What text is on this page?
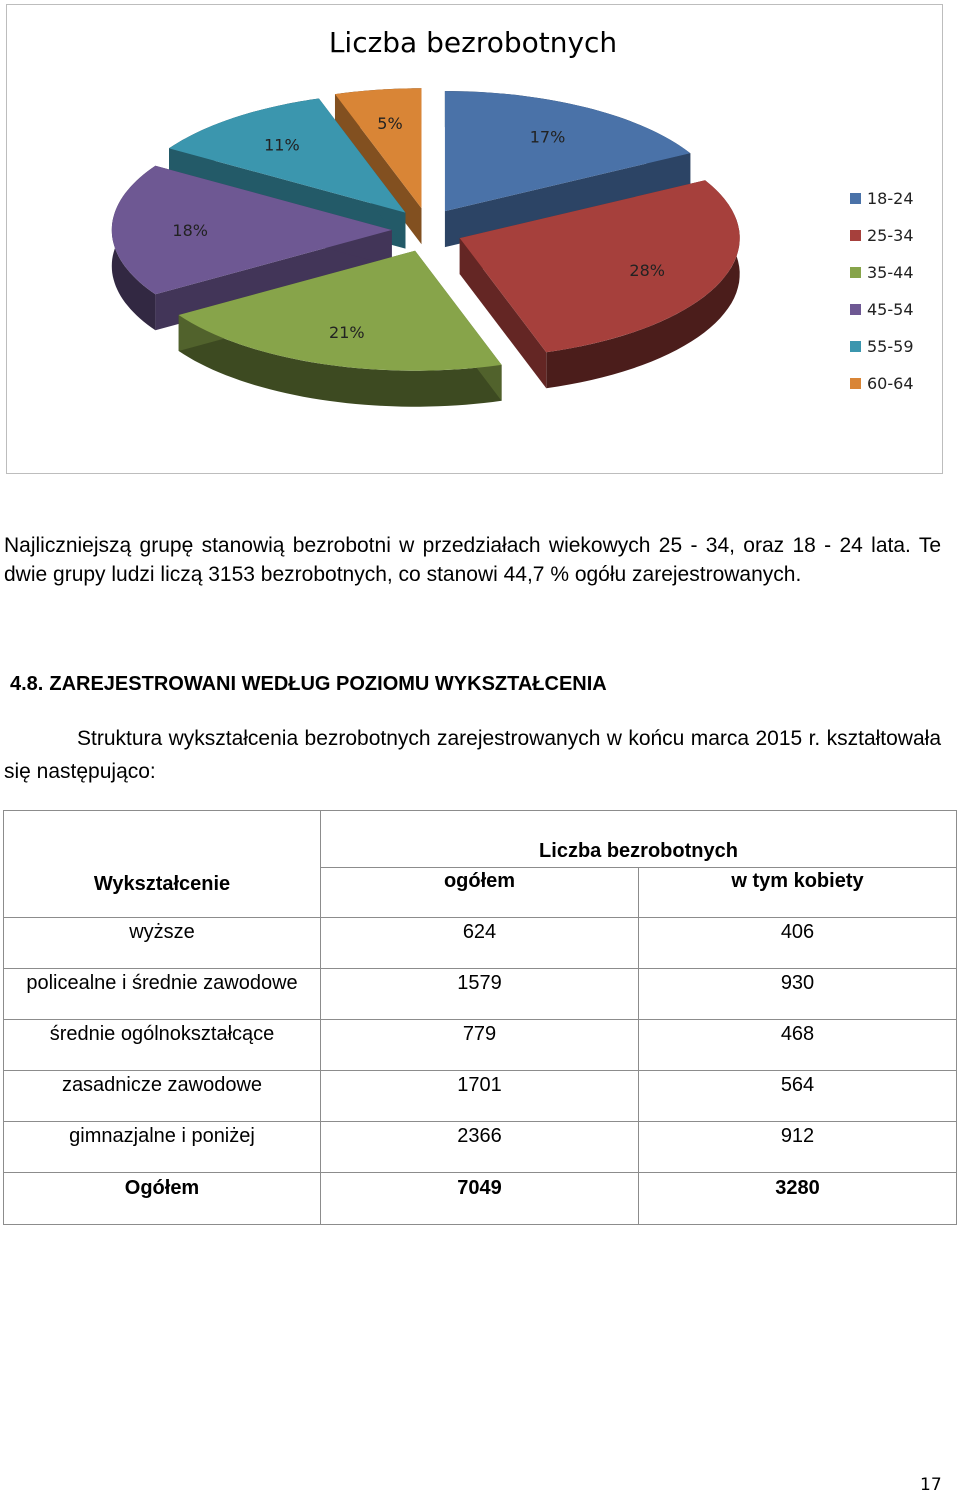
Liczba bezrobotnych
17%
28%
21%
18%
11%
5%
18-24
25-34
35-44
45-54
55-59
60-64

Najliczniejszą grupę stanowią bezrobotni w przedziałach wiekowych 25 - 34, oraz 18 - 24 lata. Te dwie grupy ludzi liczą 3153 bezrobotnych, co stanowi 44,7 % ogółu zarejestrowanych.

4.8. ZAREJESTROWANI WEDŁUG POZIOMU WYKSZTAŁCENIA

Struktura wykształcenia bezrobotnych zarejestrowanych w końcu marca 2015 r. kształtowała się następująco:

Wykształcenie	Liczba bezrobotnych	
	ogółem	w tym kobiety
wyższe	624	406
policealne i średnie zawodowe	1579	930
średnie ogólnokształcące	779	468
zasadnicze zawodowe	1701	564
gimnazjalne i poniżej	2366	912
Ogółem	7049	3280
17
